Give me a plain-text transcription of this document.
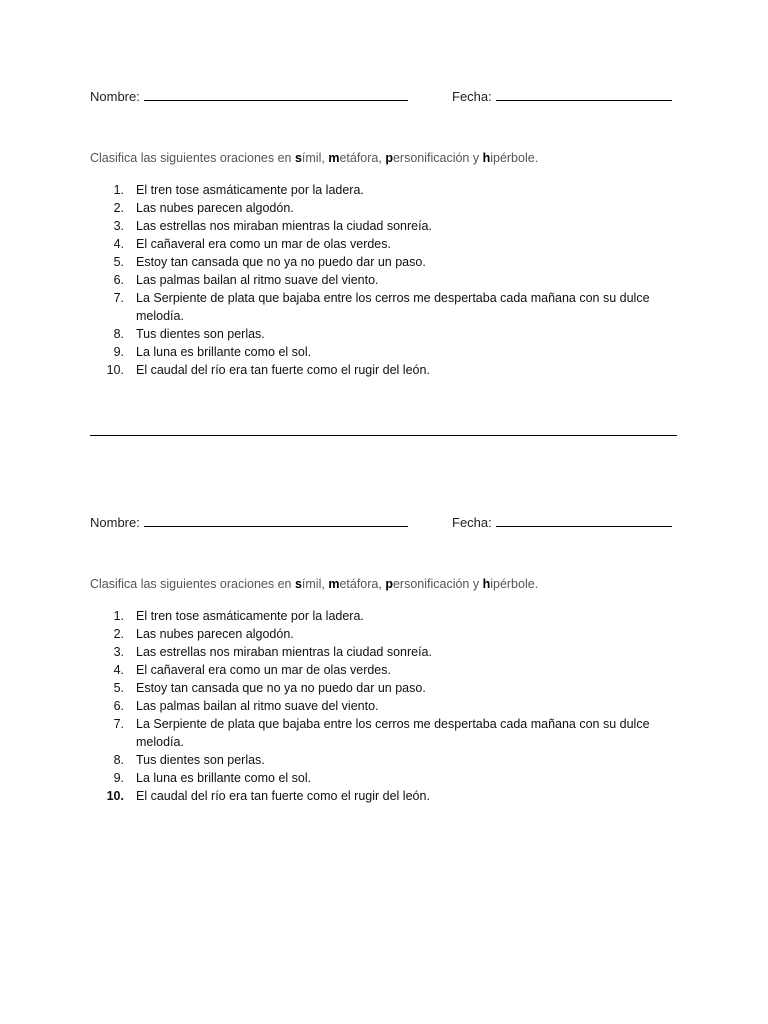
Nombre:	Fecha:
Clasifica las siguientes oraciones en símil, metáfora, personificación y hipérbole.
1. El tren tose asmáticamente por la ladera.
2. Las nubes parecen algodón.
3. Las estrellas nos miraban mientras la ciudad sonreía.
4. El cañaveral era como un mar de olas verdes.
5. Estoy tan cansada que no ya no puedo dar un paso.
6. Las palmas bailan al ritmo suave del viento.
7. La Serpiente de plata que bajaba entre los cerros me despertaba cada mañana con su dulce melodía.
8. Tus dientes son perlas.
9. La luna es brillante como el sol.
10. El caudal del río era tan fuerte como el rugir del león.
Nombre:	Fecha:
Clasifica las siguientes oraciones en símil, metáfora, personificación y hipérbole.
1. El tren tose asmáticamente por la ladera.
2. Las nubes parecen algodón.
3. Las estrellas nos miraban mientras la ciudad sonreía.
4. El cañaveral era como un mar de olas verdes.
5. Estoy tan cansada que no ya no puedo dar un paso.
6. Las palmas bailan al ritmo suave del viento.
7. La Serpiente de plata que bajaba entre los cerros me despertaba cada mañana con su dulce melodía.
8. Tus dientes son perlas.
9. La luna es brillante como el sol.
10. El caudal del río era tan fuerte como el rugir del león.
